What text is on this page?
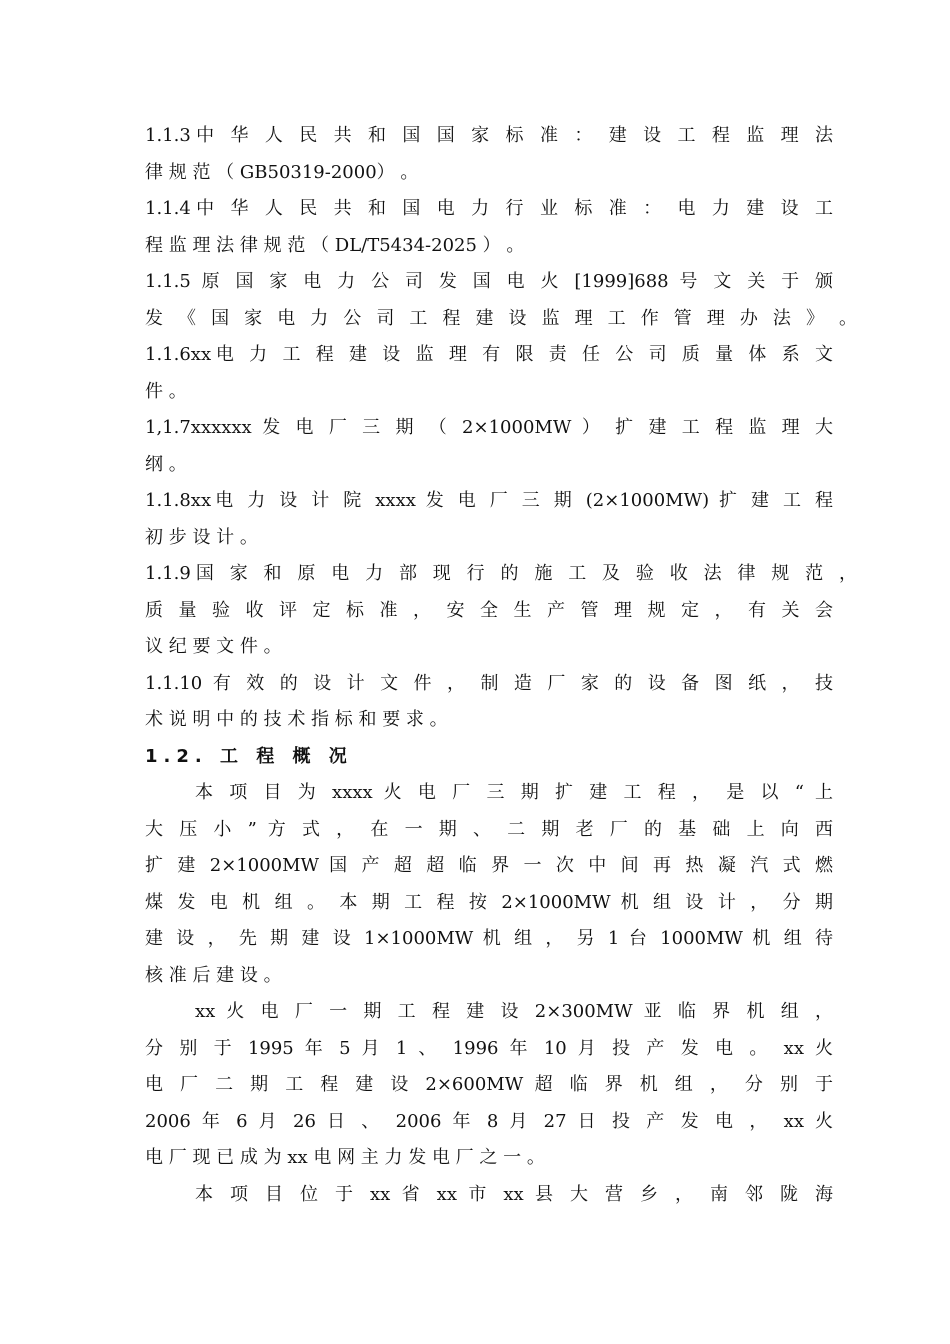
1.1.3中 华 人 民 共 和 国 国 家 标 准 ： 建 设 工 程 监 理 法
律 规 范 （ GB50319-2000） 。
1.1.4中 华 人 民 共 和 国 电 力 行 业 标 准 ： 电 力 建 设 工
程 监 理 法 律 规 范 （ DL/T5434-2025 ） 。
1.1.5 原 国 家 电 力 公 司 发 国 电 火 [1999]688 号 文 关 于 颁
发 《 国 家 电 力 公 司 工 程 建 设 监 理 工 作 管 理 办 法 》 。
1.1.6xx电 力 工 程 建 设 监 理 有 限 责 任 公 司 质 量 体 系 文
件 。
1,1.7xxxxxx 发 电 厂 三 期 （ 2×1000MW ） 扩 建 工 程 监 理 大
纲 。
1.1.8xx电 力 设 计 院 xxxx 发 电 厂 三 期 (2×1000MW) 扩 建 工 程
初 步 设 计 。
1.1.9国 家 和 原 电 力 部 现 行 的 施 工 及 验 收 法 律 规 范 ，
质 量 验 收 评 定 标 准 ， 安 全 生 产 管 理 规 定 ， 有 关 会
议 纪 要 文 件 。
1.1.10 有 效 的 设 计 文 件 ， 制 造 厂 家 的 设 备 图 纸 ， 技
术 说 明 中 的 技 术 指 标 和 要 求 。
1.2. 工 程 概 况
本 项 目 为 xxxx 火 电 厂 三 期 扩 建 工 程 ， 是 以 “ 上
大 压 小 ” 方 式 ， 在 一 期 、 二 期 老 厂 的 基 础 上 向 西
扩 建 2×1000MW 国 产 超 超 临 界 一 次 中 间 再 热 凝 汽 式 燃
煤 发 电 机 组 。 本 期 工 程 按 2×1000MW 机 组 设 计 ， 分 期
建 设 ， 先 期 建 设 1×1000MW 机 组 ， 另 1 台 1000MW 机 组 待
核 准 后 建 设 。
xx 火 电 厂 一 期 工 程 建 设 2×300MW 亚 临 界 机 组 ，
分 别 于 1995 年 5 月 1 、 1996 年 10 月 投 产 发 电 。 xx 火
电 厂 二 期 工 程 建 设 2×600MW 超 临 界 机 组 ， 分 别 于
2006 年 6 月 26 日 、 2006 年 8 月 27 日 投 产 发 电 ， xx 火
电 厂 现 已 成 为 xx 电 网 主 力 发 电 厂 之 一 。
本 项 目 位 于 xx 省 xx 市 xx 县 大 营 乡 ， 南 邻 陇 海
